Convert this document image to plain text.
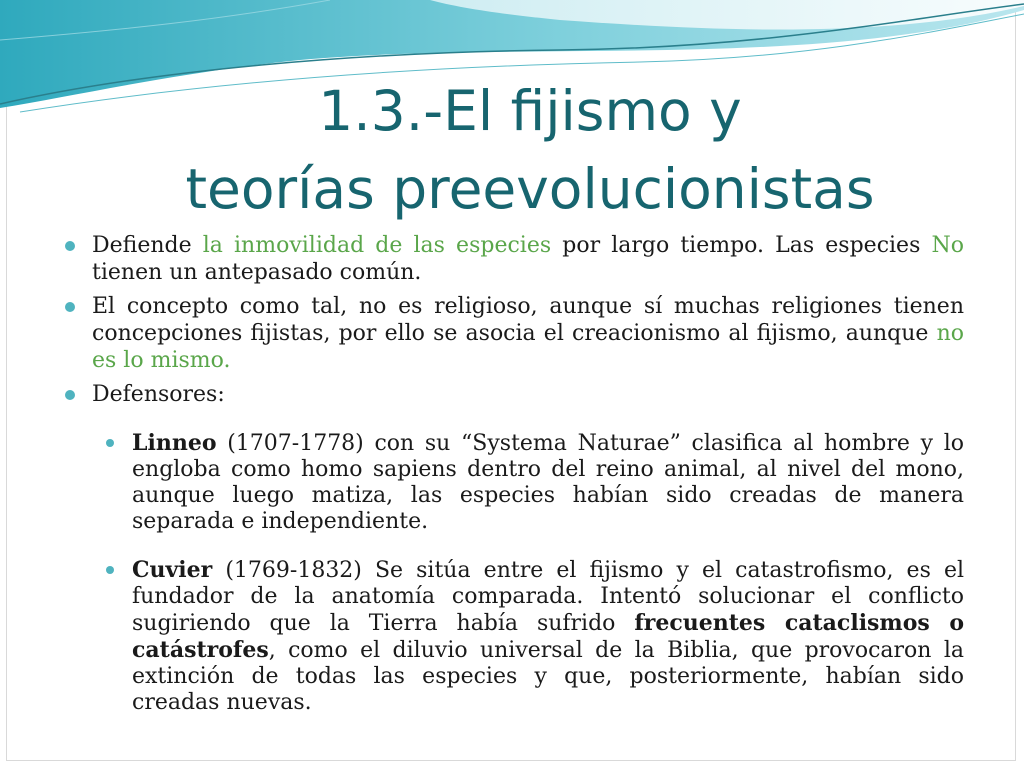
1.3.-El fijismo y
teorías preevolucionistas

Defiende la inmovilidad de las especies por largo tiempo. Las especies No tienen un antepasado común.

El concepto como tal, no es religioso, aunque sí muchas religiones tienen concepciones fijistas, por ello se asocia el creacionismo al fijismo, aunque no es lo mismo.

Defensores:

Linneo (1707-1778) con su “Systema Naturae” clasifica al hombre y lo engloba como homo sapiens dentro del reino animal, al nivel del mono, aunque luego matiza, las especies habían sido creadas de manera separada e independiente.

Cuvier (1769-1832) Se sitúa entre el fijismo y el catastrofismo, es el fundador de la anatomía comparada. Intentó solucionar el conflicto sugiriendo que la Tierra había sufrido frecuentes cataclismos o catástrofes, como el diluvio universal de la Biblia, que provocaron la extinción de todas las especies y que, posteriormente, habían sido creadas nuevas.
